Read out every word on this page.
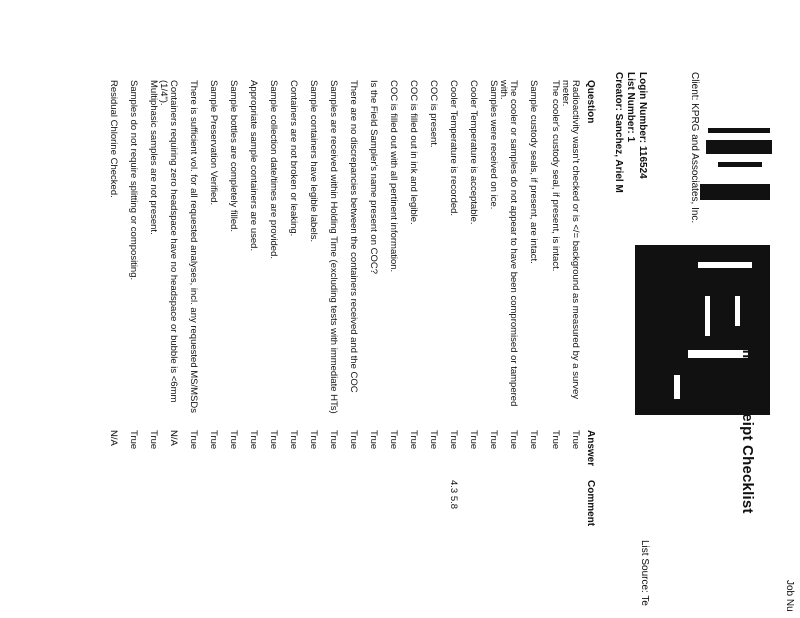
Login Sample Receipt Checklist
Job Nu
Client: KPRG and Associates, Inc.
List Source: Te
Login Number: 116524
List Number: 1
Creator: Sanchez, Ariel M
Question
Answer
Comment
Radioactivity wasn't checked or is </= background as measured by a survey meter.
True
The cooler's custody seal, if present, is intact.
True
Sample custody seals, if present, are intact.
True
The cooler or samples do not appear to have been compromised or tampered with.
True
Samples were received on ice.
True
Cooler Temperature is acceptable.
True
Cooler Temperature is recorded.
True
4.3 5.8
COC is present.
True
COC is filled out in ink and legible.
True
COC is filled out with all pertinent information.
True
Is the Field Sampler's name present on COC?
True
There are no discrepancies between the containers received and the COC
True
Samples are received within Holding Time (excluding tests with immediate HTs)
True
Sample containers have legible labels.
True
Containers are not broken or leaking.
True
Sample collection date/times are provided.
True
Appropriate sample containers are used.
True
Sample bottles are completely filled.
True
Sample Preservation Verified.
True
There is sufficient vol. for all requested analyses, incl. any requested MS/MSDs
True
Containers requiring zero headspace have no headspace or bubble is <6mm (1/4").
N/A
Multiphasic samples are not present.
True
Samples do not require splitting or compositing.
True
Residual Chlorine Checked.
N/A
